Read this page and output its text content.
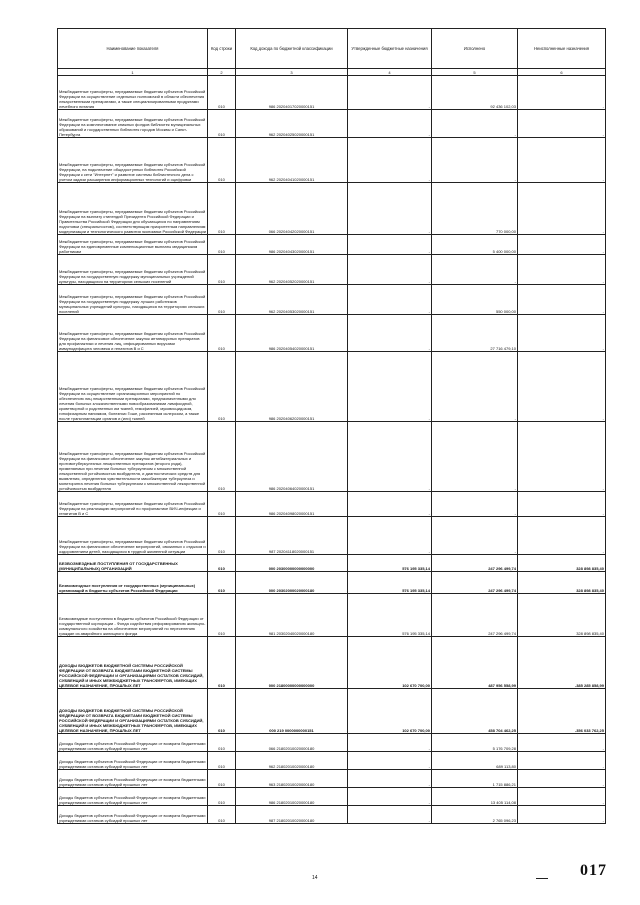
Наименование показателя	Код строки	Код дохода по бюджетной классификации	Утвержденные бюджетные назначения	Исполнено	Неисполненные назначения
1	2	3	4	5	6
Межбюджетные трансферты, передаваемые бюджетам субъектов Российской Федерации на осуществление отдельных полномочий в области обеспечения лекарственными препаратами, а также специализированными продуктами лечебного питания	010	986 20204017020000151	-	92 436 102,03	-
Межбюджетные трансферты, передаваемые бюджетам субъектов Российской Федерации на комплектование книжных фондов библиотек муниципальных образований и государственных библиотек городов Москвы и Санкт-Петербурга	010	962 20204025020000151	-	-	-
Межбюджетные трансферты, передаваемые бюджетам субъектов Российской Федерации, на подключение общедоступных библиотек Российской Федерации к сети "Интернет" и развитие системы библиотечного дела с учетом задачи расширения информационных технологий и оцифровки	010	962 20204041020000151	-	-	-
Межбюджетные трансферты, передаваемые бюджетам субъектов Российской Федерации на выплату стипендий Президента Российской Федерации и Правительства Российской Федерации для обучающихся по направлениям подготовки (специальностям), соответствующим приоритетным направлениям модернизации и технологического развития экономики Российской Федерации	010	066 20204042020000151	-	770 000,00	-
Межбюджетные трансферты, передаваемые бюджетам субъектов Российской Федерации на единовременные компенсационные выплаты медицинским работникам	010	986 20204043020000151	-	5 400 000,00	-
Межбюджетные трансферты, передаваемые бюджетам субъектов Российской Федерации на государственную поддержку муниципальных учреждений культуры, находящихся на территориях сельских поселений	010	962 20204052020000151	-	-	-
Межбюджетные трансферты, передаваемые бюджетам субъектов Российской Федерации на государственную поддержку лучших работников муниципальных учреждений культуры, находящихся на территориях сельских поселений	010	962 20204053020000151	-	550 000,00	-
Межбюджетные трансферты, передаваемые бюджетам субъектов Российской Федерации на финансовое обеспечение закупок антивирусных препаратов для профилактики и лечения лиц, инфицированных вирусами иммунодефицита человека и гепатитов В и С	010	986 20204054020000151	-	27 716 479,10	-
Межбюджетные трансферты, передаваемые бюджетам субъектов Российской Федерации на осуществление организационных мероприятий по обеспечению лиц лекарственными препаратами, предназначенными для лечения больных злокачественными новообразованиями лимфоидной, кроветворной и родственных им тканей, гемофилией, муковисцидозом, гипофизарным нанизмом, болезнью Гоше, рассеянным склерозом, а также после трансплантации органов и (или) тканей	010	986 20204062020000151	-	-	-
Межбюджетные трансферты, передаваемые бюджетам субъектов Российской Федерации на финансовое обеспечение закупок антибактериальных и противотуберкулезных лекарственных препаратов (второго ряда), применяемых при лечении больных туберкулезом с множественной лекарственной устойчивостью возбудителя, и диагностических средств для выявления, определения чувствительности микобактерии туберкулеза и мониторинга лечения больных туберкулезом с множественной лекарственной устойчивостью возбудителя	010	986 20204064020000151	-	-	-
Межбюджетные трансферты, передаваемые бюджетам субъектов Российской Федерации на реализацию мероприятий по профилактике ВИЧ-инфекции и гепатитов В и С	010	986 20204098020000151	-	-	-
Межбюджетные трансферты, передаваемые бюджетам субъектов Российской Федерации на финансовое обеспечение мероприятий, связанных с отдыхом и оздоровлением детей, находящихся в трудной жизненной ситуации	010	987 20204118020000151	-	-	-
БЕЗВОЗМЕЗДНЫЕ ПОСТУПЛЕНИЯ ОТ ГОСУДАРСТВЕННЫХ (МУНИЦИПАЛЬНЫХ) ОРГАНИЗАЦИЙ	010	000 20300000000000000	576 195 335,14	247 296 499,74	328 898 835,40
Безвозмездные поступления от государственных (муниципальных) организаций в бюджеты субъектов Российской Федерации	010	000 20302000020000180	576 195 335,14	247 296 499,74	328 898 835,40
Безвозмездные поступления в бюджеты субъектов Российской Федерации от государственной корпорации - Фонда содействия реформированию жилищно-коммунального хозяйства на обеспечение мероприятий по переселению граждан из аварийного жилищного фонда	010	981 20302040020000180	576 195 335,14	247 296 499,74	328 898 835,40
ДОХОДЫ БЮДЖЕТОВ БЮДЖЕТНОЙ СИСТЕМЫ РОССИЙСКОЙ ФЕДЕРАЦИИ ОТ ВОЗВРАТА БЮДЖЕТАМИ БЮДЖЕТНОЙ СИСТЕМЫ РОССИЙСКОЙ ФЕДЕРАЦИИ И ОРГАНИЗАЦИЯМИ ОСТАТКОВ СУБСИДИЙ, СУБВЕНЦИЙ И ИНЫХ МЕЖБЮДЖЕТНЫХ ТРАНСФЕРТОВ, ИМЕЮЩИХ ЦЕЛЕВОЕ НАЗНАЧЕНИЕ, ПРОШЛЫХ ЛЕТ	010	000 21800000000000000	102 670 700,00	487 956 558,99	-385 285 858,99
ДОХОДЫ БЮДЖЕТОВ БЮДЖЕТНОЙ СИСТЕМЫ РОССИЙСКОЙ ФЕДЕРАЦИИ ОТ ВОЗВРАТА БЮДЖЕТАМИ БЮДЖЕТНОЙ СИСТЕМЫ РОССИЙСКОЙ ФЕДЕРАЦИИ И ОРГАНИЗАЦИЯМИ ОСТАТКОВ СУБСИДИЙ, СУБВЕНЦИЙ И ИНЫХ МЕЖБЮДЖЕТНЫХ ТРАНСФЕРТОВ, ИМЕЮЩИХ ЦЕЛЕВОЕ НАЗНАЧЕНИЕ, ПРОШЛЫХ ЛЕТ	010	000 219 0000000000151	102 670 700,00	458 704 462,25	-356 033 762,25
Доходы бюджетов субъектов Российской Федерации от возврата бюджетными учреждениями остатков субсидий прошлых лет	010	066 21802010020000180	-	5 176 709,28	-
Доходы бюджетов субъектов Российской Федерации от возврата бюджетными учреждениями остатков субсидий прошлых лет	010	962 21802010020000180	-	689 113,80	-
Доходы бюджетов субъектов Российской Федерации от возврата бюджетными учреждениями остатков субсидий прошлых лет	010	963 21802010020000180	-	1 715 886,21	-
Доходы бюджетов субъектов Российской Федерации от возврата бюджетными учреждениями остатков субсидий прошлых лет	010	986 21802010020000180	-	13 405 114,08	-
Доходы бюджетов субъектов Российской Федерации от возврата бюджетными учреждениями остатков субсидий прошлых лет	010	987 21802010020000180	-	2 765 096,23	-
14	017
